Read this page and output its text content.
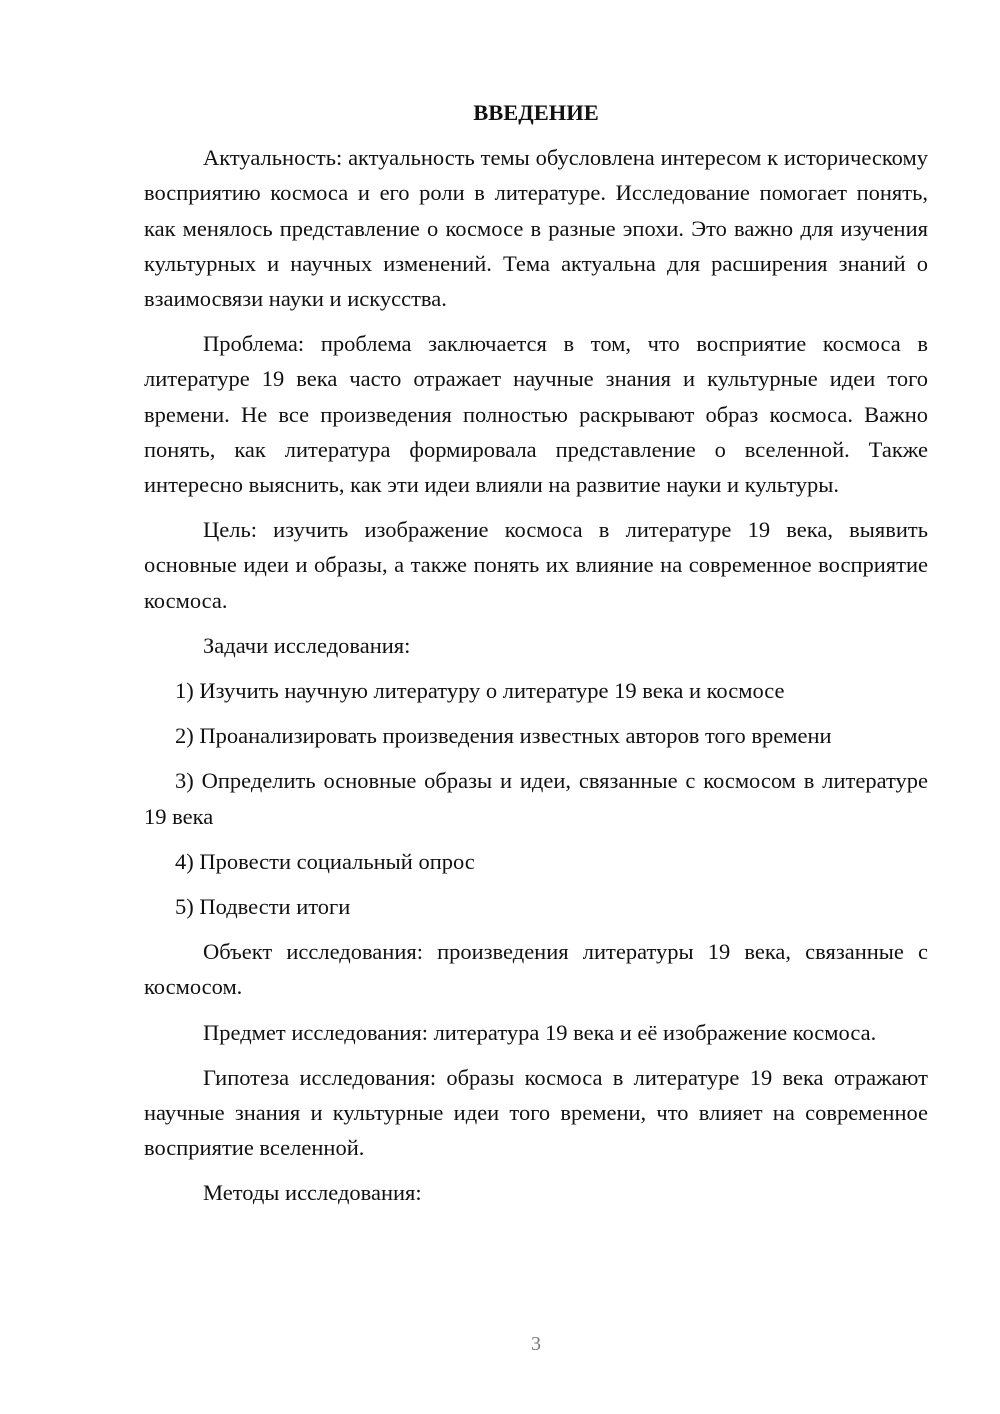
ВВЕДЕНИЕ
Актуальность: актуальность темы обусловлена интересом к историческому восприятию космоса и его роли в литературе. Исследование помогает понять, как менялось представление о космосе в разные эпохи. Это важно для изучения культурных и научных изменений. Тема актуальна для расширения знаний о взаимосвязи науки и искусства.
Проблема: проблема заключается в том, что восприятие космоса в литературе 19 века часто отражает научные знания и культурные идеи того времени. Не все произведения полностью раскрывают образ космоса. Важно понять, как литература формировала представление о вселенной. Также интересно выяснить, как эти идеи влияли на развитие науки и культуры.
Цель: изучить изображение космоса в литературе 19 века, выявить основные идеи и образы, а также понять их влияние на современное восприятие космоса.
Задачи исследования:
1) Изучить научную литературу о литературе 19 века и космосе
2) Проанализировать произведения известных авторов того времени
3) Определить основные образы и идеи, связанные с космосом в литературе 19 века
4) Провести социальный опрос
5) Подвести итоги
Объект исследования: произведения литературы 19 века, связанные с космосом.
Предмет исследования: литература 19 века и её изображение космоса.
Гипотеза исследования: образы космоса в литературе 19 века отражают научные знания и культурные идеи того времени, что влияет на современное восприятие вселенной.
Методы исследования:
3
